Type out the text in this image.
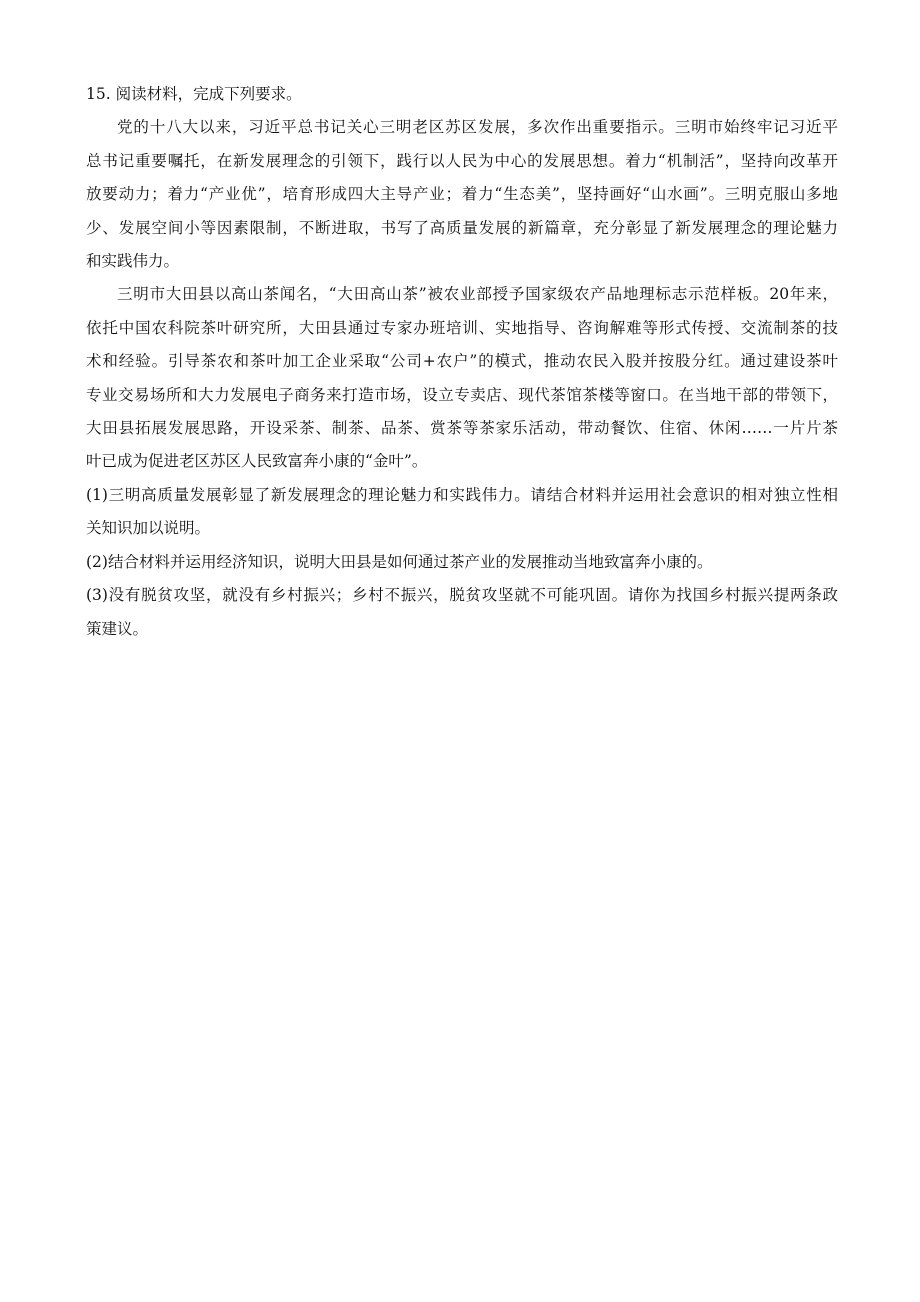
15. 阅读材料，完成下列要求。
党的十八大以来，习近平总书记关心三明老区苏区发展，多次作出重要指示。三明市始终牢记习近平
总书记重要嘱托，在新发展理念的引领下，践行以人民为中心的发展思想。着力“机制活”，坚持向改革开
放要动力；着力“产业优”，培育形成四大主导产业；着力“生态美”，坚持画好“山水画”。三明克服山多地
少、发展空间小等因素限制，不断进取，书写了高质量发展的新篇章，充分彰显了新发展理念的理论魅力
和实践伟力。
三明市大田县以高山茶闻名，“大田高山茶”被农业部授予国家级农产品地理标志示范样板。20年来，
依托中国农科院茶叶研究所，大田县通过专家办班培训、实地指导、咨询解难等形式传授、交流制茶的技
术和经验。引导茶农和茶叶加工企业采取“公司+农户”的模式，推动农民入股并按股分红。通过建设茶叶
专业交易场所和大力发展电子商务来打造市场，设立专卖店、现代茶馆茶楼等窗口。在当地干部的带领下，
大田县拓展发展思路，开设采茶、制茶、品茶、赏茶等茶家乐活动，带动餐饮、住宿、休闲……一片片茶
叶已成为促进老区苏区人民致富奔小康的“金叶”。
(1)三明高质量发展彰显了新发展理念的理论魅力和实践伟力。请结合材料并运用社会意识的相对独立性相
关知识加以说明。
(2)结合材料并运用经济知识，说明大田县是如何通过茶产业的发展推动当地致富奔小康的。
(3)没有脱贫攻坚，就没有乡村振兴；乡村不振兴，脱贫攻坚就不可能巩固。请你为找国乡村振兴提两条政
策建议。
